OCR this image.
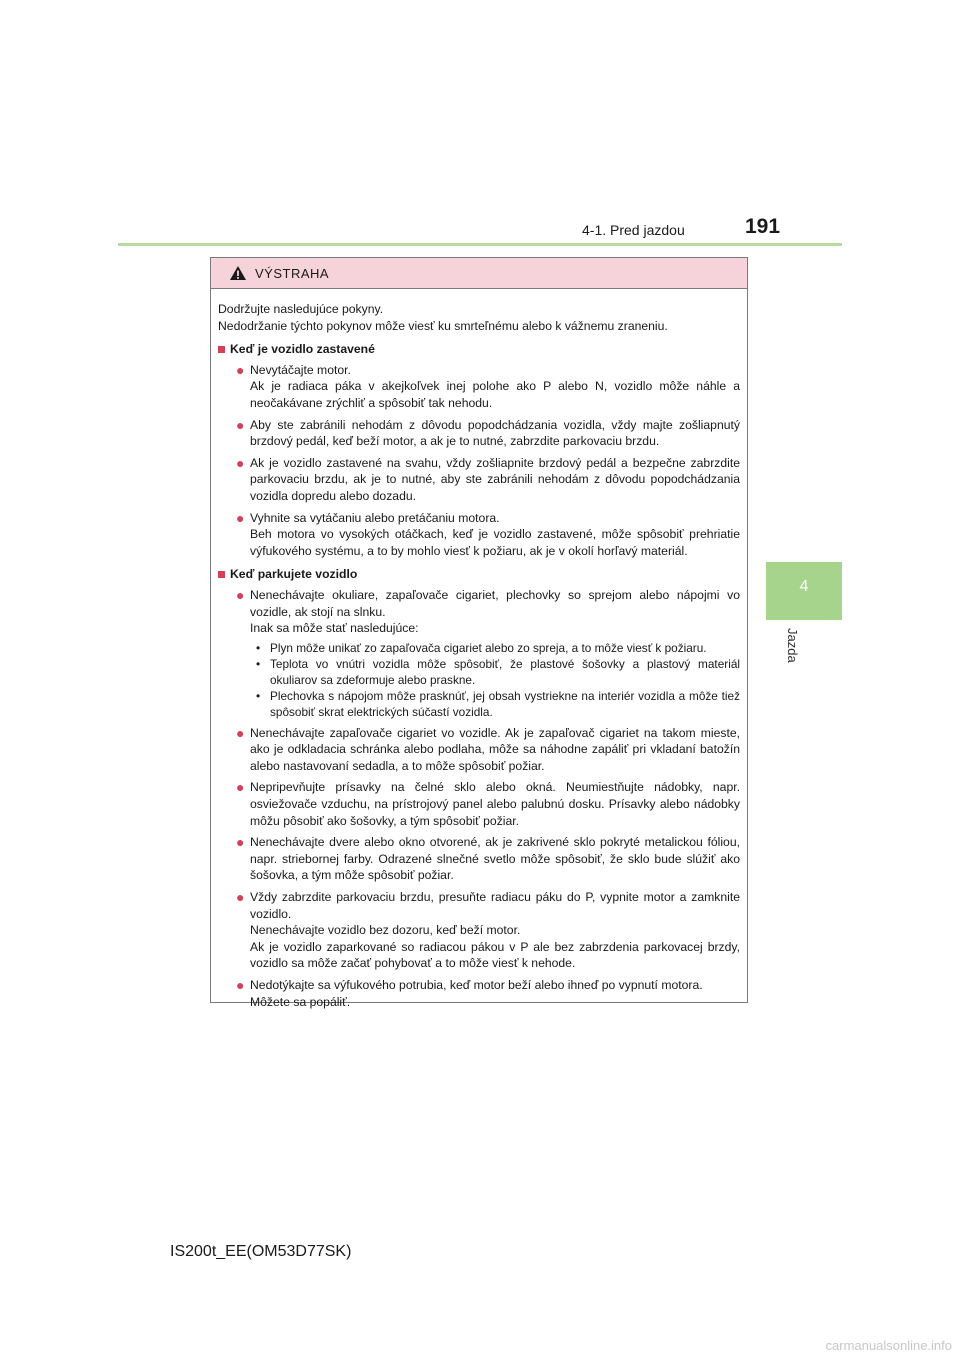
4-1. Pred jazdou	191
4
Jazda
VÝSTRAHA

Dodržujte nasledujúce pokyny.

Nedodržanie týchto pokynov môže viesť ku smrteľnému alebo k vážnemu zraneniu.

Keď je vozidlo zastavené
● Nevytáčajte motor.
Ak je radiaca páka v akejkoľvek inej polohe ako P alebo N, vozidlo môže náhle a neočakávane zrýchliť a spôsobiť tak nehodu.
● Aby ste zabránili nehodám z dôvodu popodchádzania vozidla, vždy majte zošliapnutý brzdový pedál, keď beží motor, a ak je to nutné, zabrzdite parkovaciu brzdu.
● Ak je vozidlo zastavené na svahu, vždy zošliapnite brzdový pedál a bezpečne zabrzdite parkovaciu brzdu, ak je to nutné, aby ste zabránili nehodám z dôvodu popodchádzania vozidla dopredu alebo dozadu.
● Vyhnite sa vytáčaniu alebo pretáčaniu motora.
Beh motora vo vysokých otáčkach, keď je vozidlo zastavené, môže spôsobiť prehriatie výfukového systému, a to by mohlo viesť k požiaru, ak je v okolí horľavý materiál.
Keď parkujete vozidlo
● Nenechávajte okuliare, zapaľovače cigariet, plechovky so sprejom alebo nápojmi vo vozidle, ak stojí na slnku.
Inak sa môže stať nasledujúce:
• Plyn môže unikať zo zapaľovača cigariet alebo zo spreja, a to môže viesť k požiaru.
• Teplota vo vnútri vozidla môže spôsobiť, že plastové šošovky a plastový materiál okuliarov sa zdeformuje alebo praskne.
• Plechovka s nápojom môže prasknúť, jej obsah vystriekne na interiér vozidla a môže tiež spôsobiť skrat elektrických súčastí vozidla.
● Nenechávajte zapaľovače cigariet vo vozidle. Ak je zapaľovač cigariet na takom mieste, ako je odkladacia schránka alebo podlaha, môže sa náhodne zapáliť pri vkladaní batožín alebo nastavovaní sedadla, a to môže spôsobiť požiar.
● Nepripevňujte prísavky na čelné sklo alebo okná. Neumiestňujte nádobky, napr. osviežovače vzduchu, na prístrojový panel alebo palubnú dosku. Prísavky alebo nádobky môžu pôsobiť ako šošovky, a tým spôsobiť požiar.
● Nenechávajte dvere alebo okno otvorené, ak je zakrivené sklo pokryté metalickou fóliou, napr. striebornej farby. Odrazené slnečné svetlo môže spôsobiť, že sklo bude slúžiť ako šošovka, a tým môže spôsobiť požiar.
● Vždy zabrzdite parkovaciu brzdu, presuňte radiacu páku do P, vypnite motor a zamknite vozidlo.
Nenechávajte vozidlo bez dozoru, keď beží motor.
Ak je vozidlo zaparkované so radiacou pákou v P ale bez zabrzdenia parkovacej brzdy, vozidlo sa môže začať pohybovať a to môže viesť k nehode.
● Nedotýkajte sa výfukového potrubia, keď motor beží alebo ihneď po vypnutí motora.
Môžete sa popáliť.
IS200t_EE(OM53D77SK)
carmanualsonline.info
